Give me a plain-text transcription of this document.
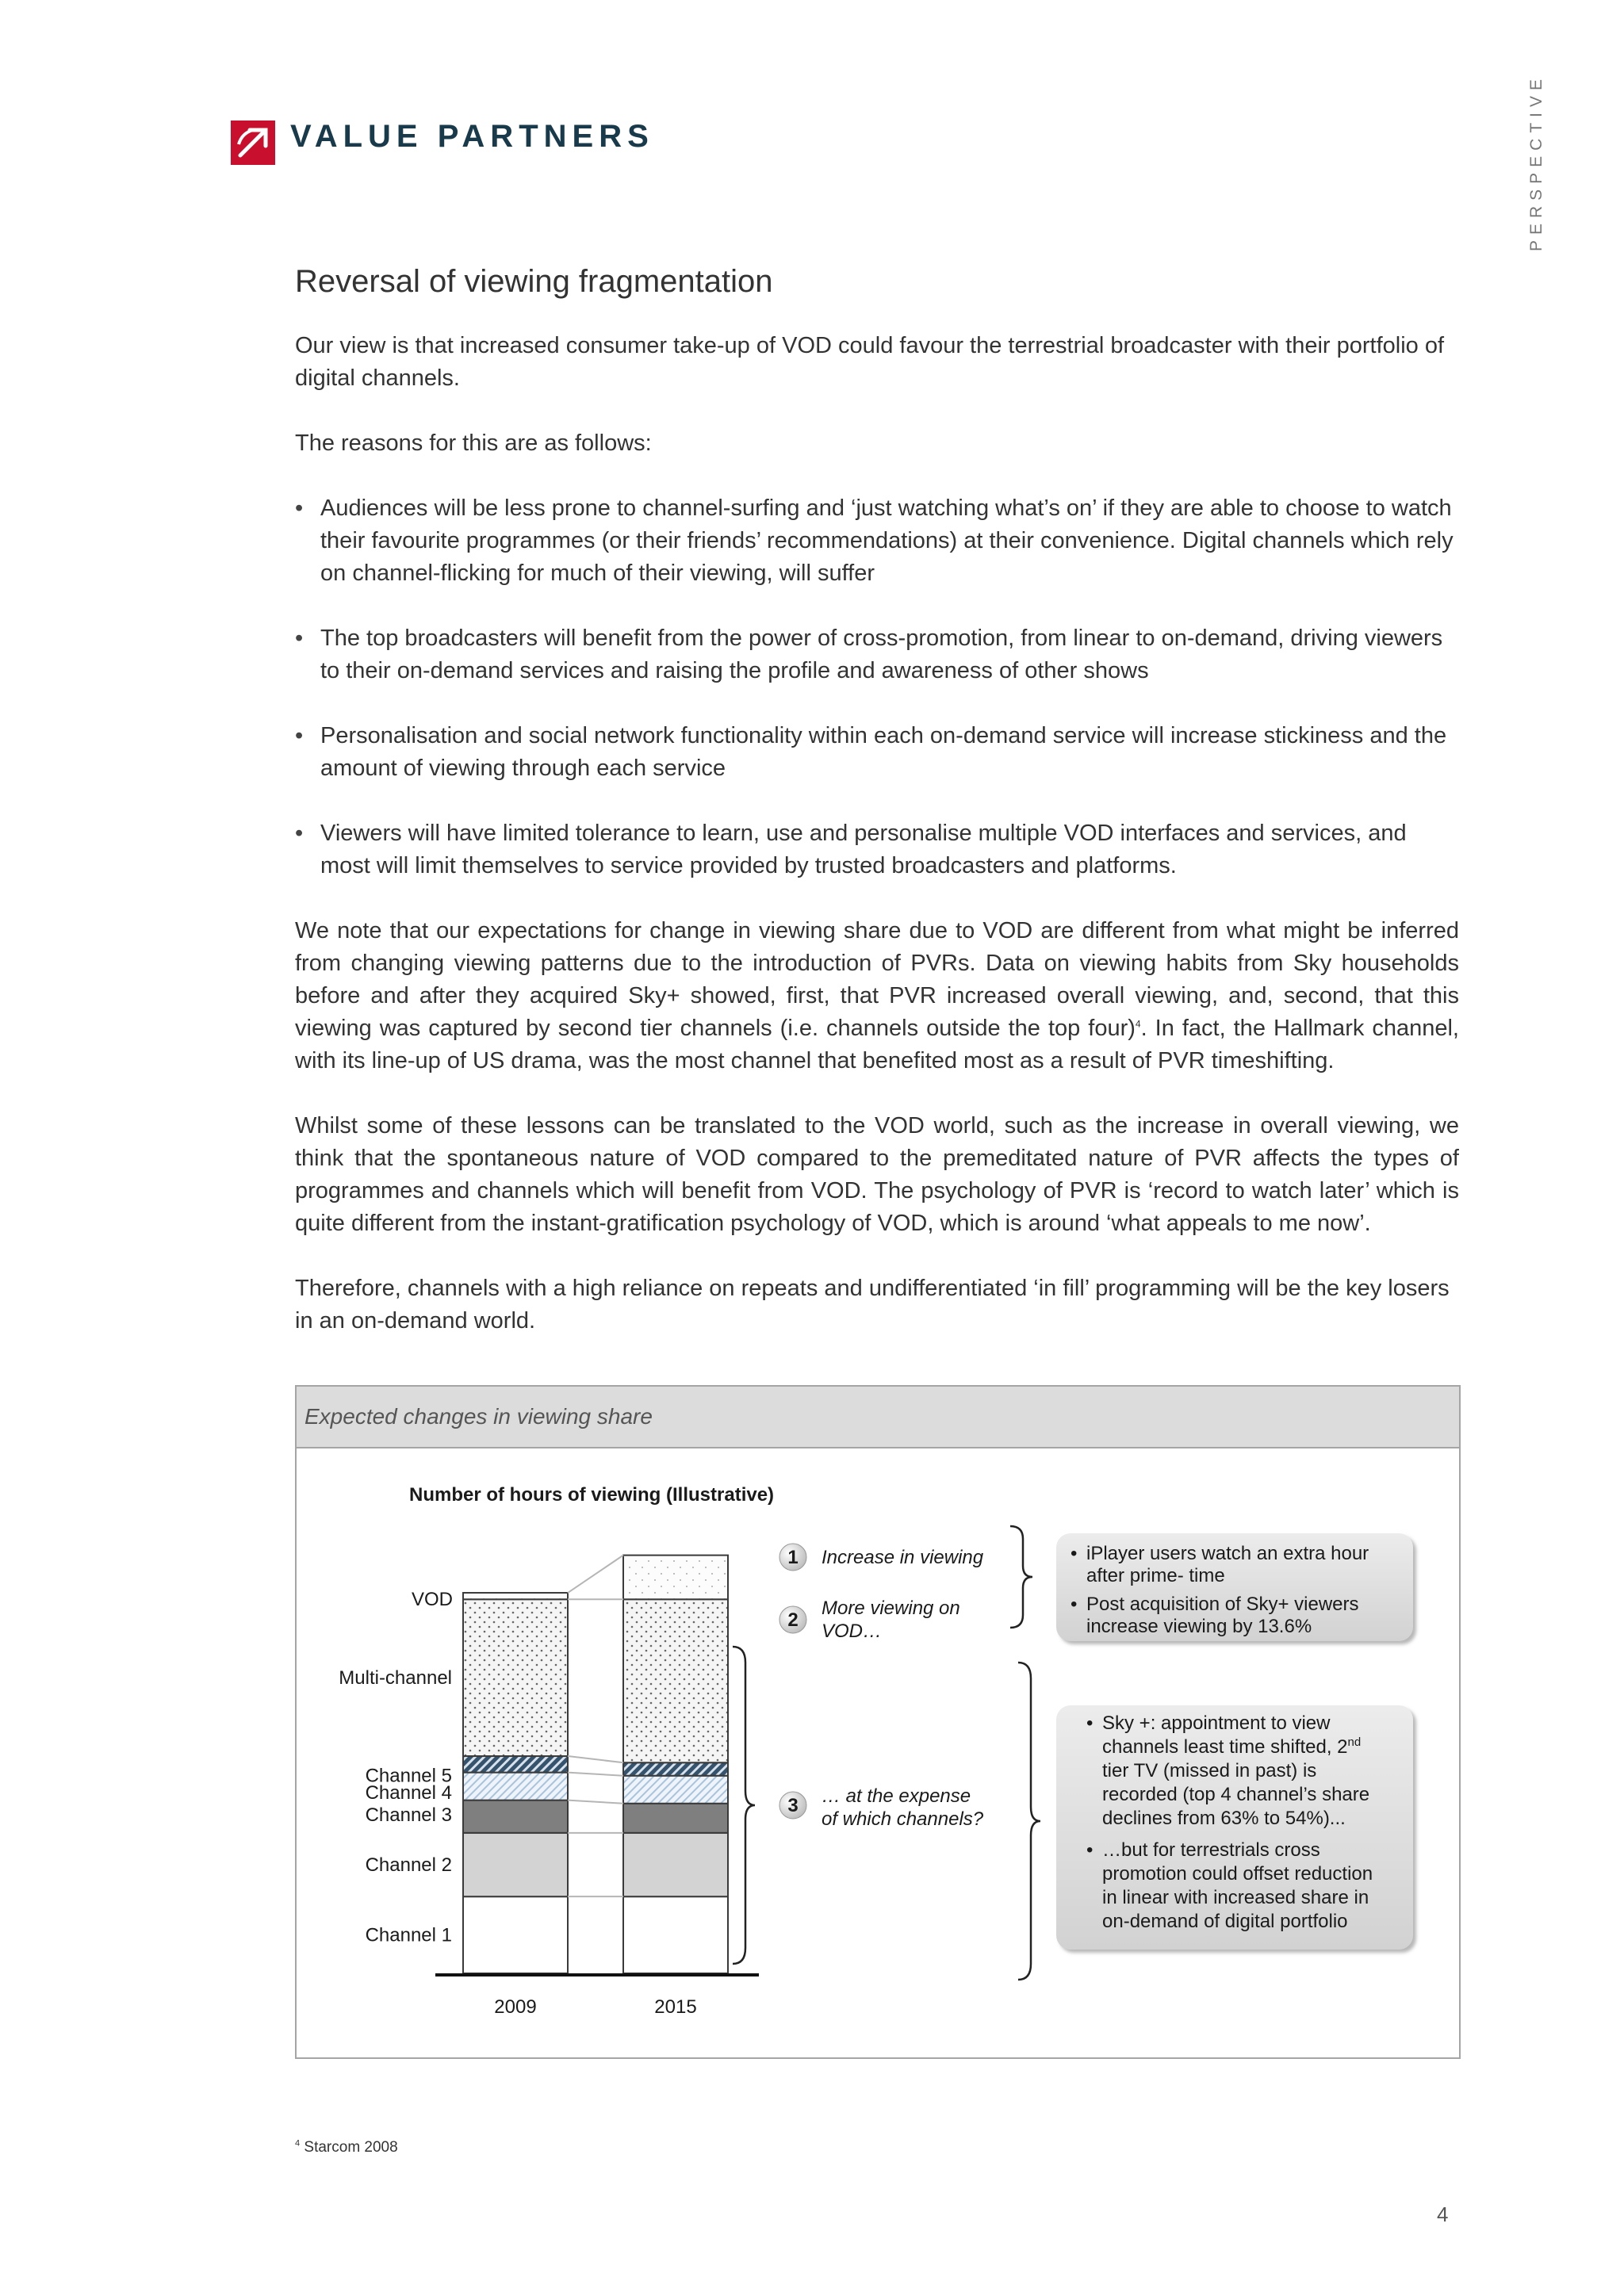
VALUE PARTNERS	PERSPECTIVE
Reversal of viewing fragmentation

Our view is that increased consumer take-up of VOD could favour the terrestrial broadcaster with their portfolio of digital channels.

The reasons for this are as follows:

• Audiences will be less prone to channel-surfing and ‘just watching what’s on’ if they are able to choose to watch their favourite programmes (or their friends’ recommendations) at their convenience. Digital channels which rely on channel-flicking for much of their viewing, will suffer
• The top broadcasters will benefit from the power of cross-promotion, from linear to on-demand, driving viewers to their on-demand services and raising the profile and awareness of other shows
• Personalisation and social network functionality within each on-demand service will increase stickiness and the amount of viewing through each service
• Viewers will have limited tolerance to learn, use and personalise multiple VOD interfaces and services, and most will limit themselves to service provided by trusted broadcasters and platforms.

We note that our expectations for change in viewing share due to VOD are different from what might be inferred from changing viewing patterns due to the introduction of PVRs. Data on viewing habits from Sky households before and after they acquired Sky+ showed, first, that PVR increased overall viewing, and, second, that this viewing was captured by second tier channels (i.e. channels outside the top four)$^4$. In fact, the Hallmark channel, with its line-up of US drama, was the most channel that benefited most as a result of PVR timeshifting.

Whilst some of these lessons can be translated to the VOD world, such as the increase in overall viewing, we think that the spontaneous nature of VOD compared to the premeditated nature of PVR affects the types of programmes and channels which will benefit from VOD. The psychology of PVR is ‘record to watch later’ which is quite different from the instant-gratification psychology of VOD, which is around ‘what appeals to me now’.

Therefore, channels with a high reliance on repeats and undifferentiated ‘in fill’ programming will be the key losers in an on-demand world.

Expected changes in viewing share
Number of hours of viewing (Illustrative)
2009	2015
Channel 1
Channel 2
Channel 3
Channel 4
Channel 5
Multi-channel
VOD
1 Increase in viewing
2
More viewing on
VOD…
3 … at the expense
of which channels?
• iPlayer users watch an extra hour
after prime- time
• Post acquisition of Sky+ viewers
increase viewing by 13.6%
• Sky +: appointment to view
channels least time shifted, 2nd
tier TV (missed in past) is
recorded (top 4 channel’s share
declines from 63% to 54%)...
• …but for terrestrials cross
promotion could offset reduction
in linear with increased share in
on-demand of digital portfolio
$^4$ Starcom 2008
4
